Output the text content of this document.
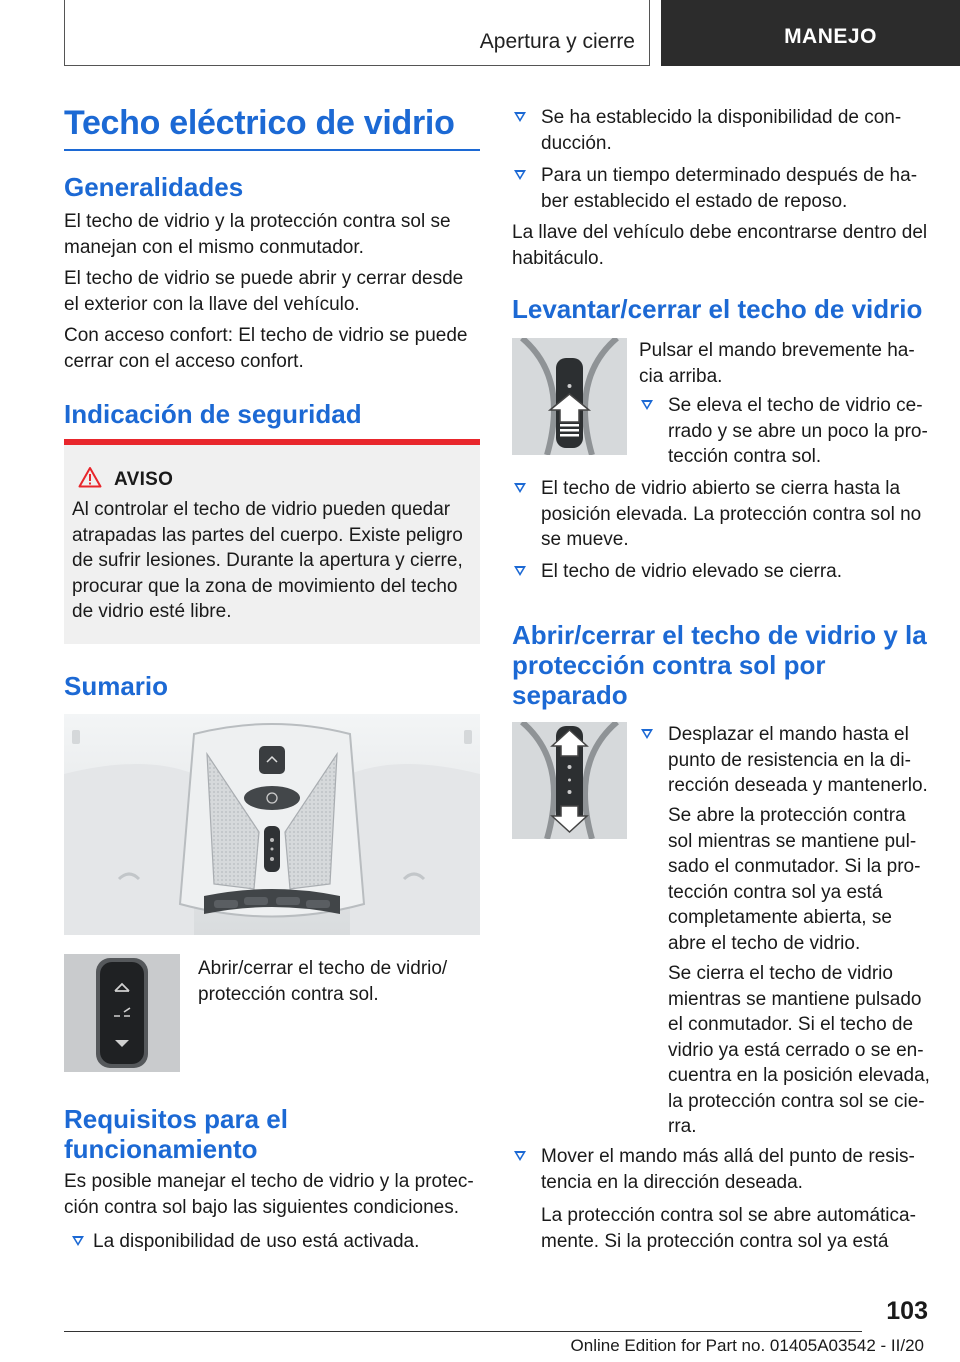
Apertura y cierre	MANEJO
Techo eléctrico de vidrio
Generalidades
El techo de vidrio y la protección contra sol se
manejan con el mismo conmutador.
El techo de vidrio se puede abrir y cerrar desde
el exterior con la llave del vehículo.
Con acceso confort: El techo de vidrio se puede
cerrar con el acceso confort.
Indicación de seguridad
AVISO
Al controlar el techo de vidrio pueden quedar
atrapadas las partes del cuerpo. Existe peligro
de sufrir lesiones. Durante la apertura y cierre,
procurar que la zona de movimiento del techo
de vidrio esté libre.
Sumario
Abrir/cerrar el techo de vidrio/
protección contra sol.
Requisitos para el
funcionamiento
Es posible manejar el techo de vidrio y la protec-
ción contra sol bajo las siguientes condiciones.
La disponibilidad de uso está activada.
Se ha establecido la disponibilidad de con-
ducción.
Para un tiempo determinado después de ha-
ber establecido el estado de reposo.
La llave del vehículo debe encontrarse dentro del
habitáculo.
Levantar/cerrar el techo de vidrio
Pulsar el mando brevemente ha-
cia arriba.
Se eleva el techo de vidrio ce-
rrado y se abre un poco la pro-
tección contra sol.
El techo de vidrio abierto se cierra hasta la
posición elevada. La protección contra sol no
se mueve.
El techo de vidrio elevado se cierra.
Abrir/cerrar el techo de vidrio y la
protección contra sol por
separado
Desplazar el mando hasta el
punto de resistencia en la di-
rección deseada y mantenerlo.
Se abre la protección contra
sol mientras se mantiene pul-
sado el conmutador. Si la pro-
tección contra sol ya está
completamente abierta, se
abre el techo de vidrio.
Se cierra el techo de vidrio
mientras se mantiene pulsado
el conmutador. Si el techo de
vidrio ya está cerrado o se en-
cuentra en la posición elevada,
la protección contra sol se cie-
rra.
Mover el mando más allá del punto de resis-
tencia en la dirección deseada.
La protección contra sol se abre automática-
mente. Si la protección contra sol ya está
103
Online Edition for Part no. 01405A03542 - II/20
